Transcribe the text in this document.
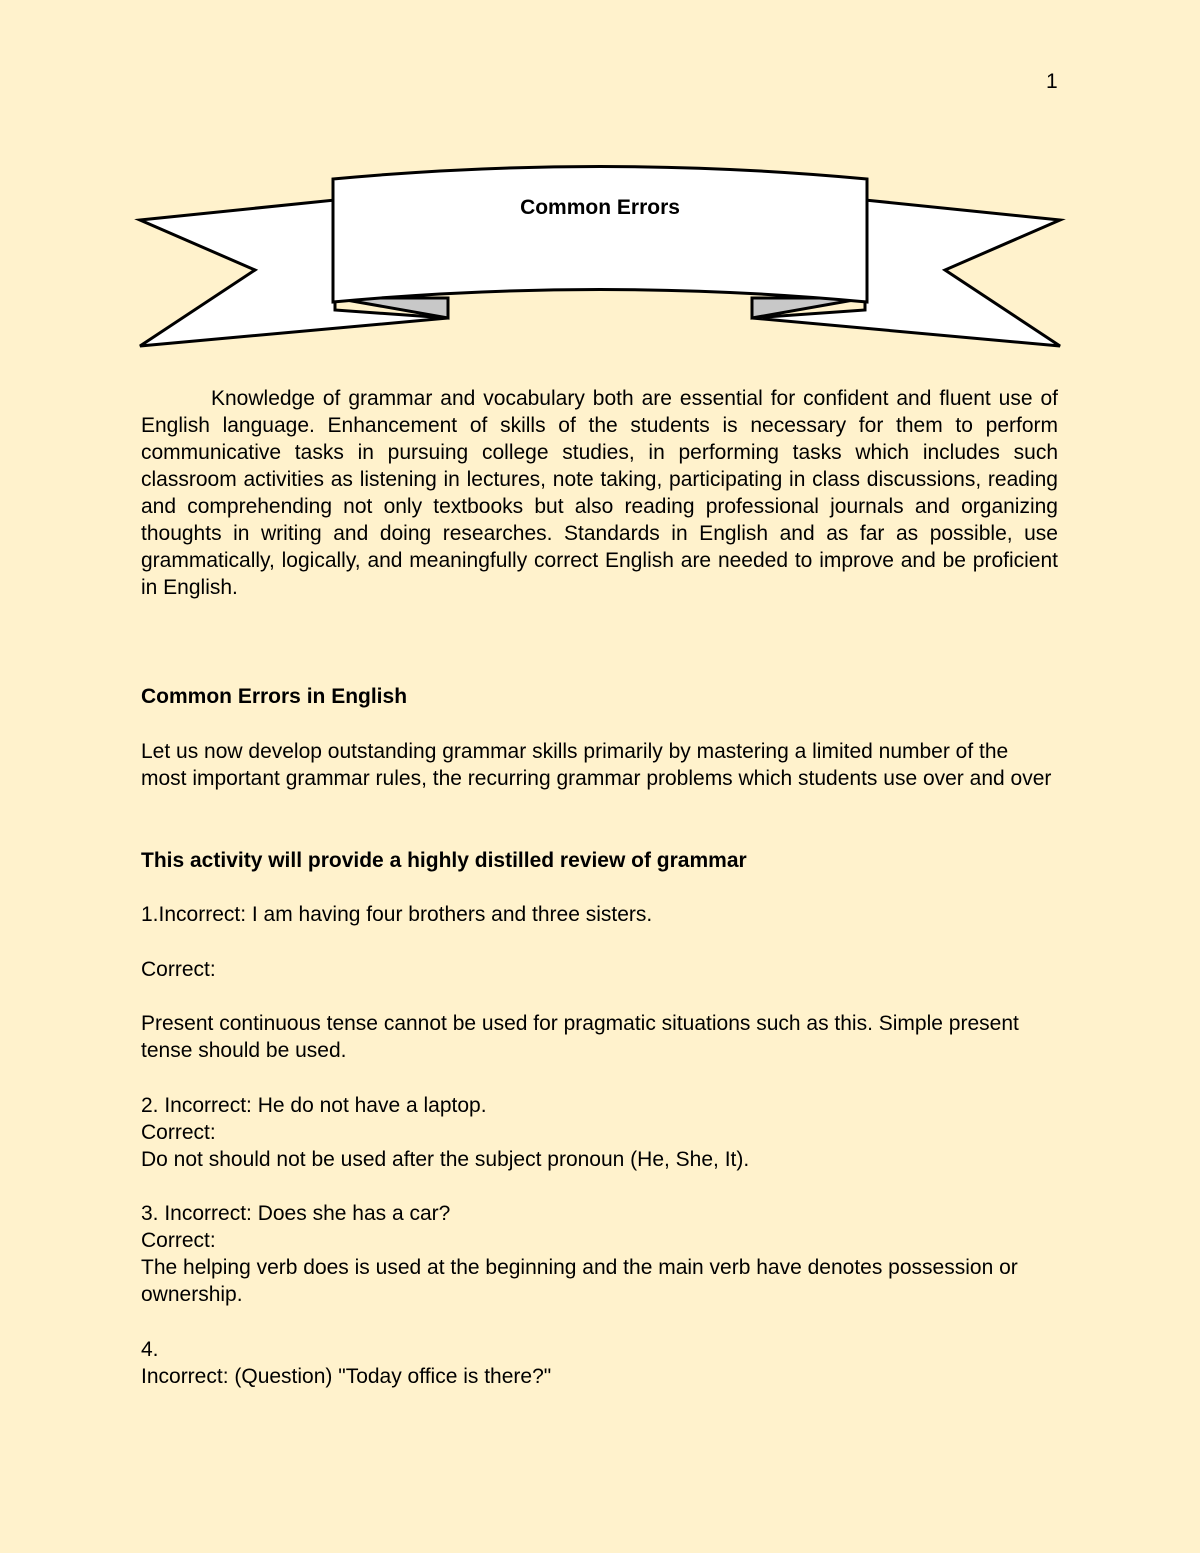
1
Common Errors
Knowledge of grammar and vocabulary both are essential for confident and fluent use of English language. Enhancement of skills of the students is necessary for them to perform communicative tasks in pursuing college studies, in performing tasks which includes such classroom activities as listening in lectures, note taking, participating in class discussions, reading and comprehending not only textbooks but also reading professional journals and organizing thoughts in writing and doing researches. Standards in English and as far as possible, use grammatically, logically, and meaningfully correct English are needed to improve and be proficient in English.

Common Errors in English

Let us now develop outstanding grammar skills primarily by mastering a limited number of the most important grammar rules, the recurring grammar problems which students use over and over

This activity will provide a highly distilled review of grammar

1.Incorrect: I am having four brothers and three sisters.

Correct:

Present continuous tense cannot be used for pragmatic situations such as this. Simple present tense should be used.

2. Incorrect: He do not have a laptop.

Correct:

Do not should not be used after the subject pronoun (He, She, It).

3. Incorrect: Does she has a car?

Correct:

The helping verb does is used at the beginning and the main verb have denotes possession or ownership.

4.

Incorrect: (Question) "Today office is there?"
